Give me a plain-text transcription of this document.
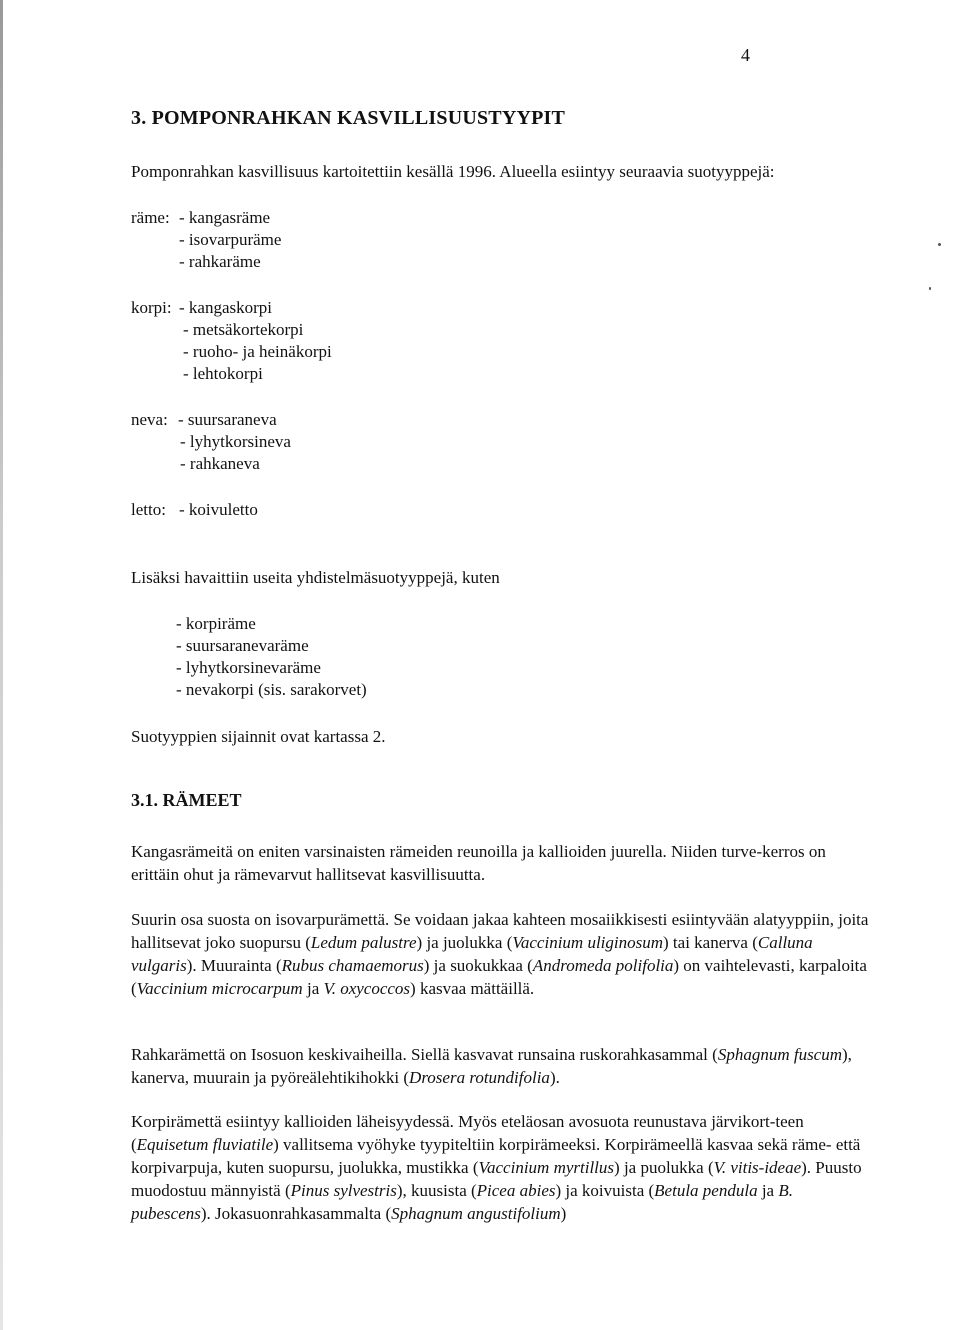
4
3. POMPONRAHKAN KASVILLISUUSTYYPIT
Pomponrahkan kasvillisuus kartoitettiin kesällä 1996. Alueella esiintyy seuraavia suotyyppejä:
räme: - kangasräme
- isovarpuräme
- rahkaräme
korpi: - kangaskorpi
- metsäkortekorpi
- ruoho- ja heinäkorpi
- lehtokorpi
neva: - suursaraneva
- lyhytkorsineva
- rahkaneva
letto: - koivuletto
Lisäksi havaittiin useita yhdistelmäsuotyyppejä, kuten
- korpiräme
- suursaranevaräme
- lyhytkorsinevaräme
- nevakorpi (sis. sarakorvet)
Suotyyppien sijainnit ovat kartassa 2.
3.1. RÄMEET
Kangasrämeitä on eniten varsinaisten rämeiden reunoilla ja kallioiden juurella. Niiden turve-kerros on erittäin ohut ja rämevarvut hallitsevat kasvillisuutta.
Suurin osa suosta on isovarpurämettä. Se voidaan jakaa kahteen mosaiikkisesti esiintyvään alatyyppiin, joita hallitsevat joko suopursu (Ledum palustre) ja juolukka (Vaccinium uliginosum) tai kanerva (Calluna vulgaris). Muurainta (Rubus chamaemorus) ja suokukkaa (Andromeda polifolia) on vaihtelevasti, karpaloita (Vaccinium microcarpum ja V. oxycoccos) kasvaa mättäillä.
Rahkarämettä on Isosuon keskivaiheilla. Siellä kasvavat runsaina ruskorahkasammal (Sphagnum fuscum), kanerva, muurain ja pyöreälehtikihokki (Drosera rotundifolia).
Korpirämettä esiintyy kallioiden läheisyydessä. Myös eteläosan avosuota reunustava järvikort-teen (Equisetum fluviatile) vallitsema vyöhyke tyypiteltiin korpirämeeksi. Korpirämeellä kasvaa sekä räme- että korpivarpuja, kuten suopursu, juolukka, mustikka (Vaccinium myrtillus) ja puolukka (V. vitis-ideae). Puusto muodostuu männyistä (Pinus sylvestris), kuusista (Picea abies) ja koivuista (Betula pendula ja B. pubescens). Jokasuonrahkasammalta (Sphagnum angustifolium)
